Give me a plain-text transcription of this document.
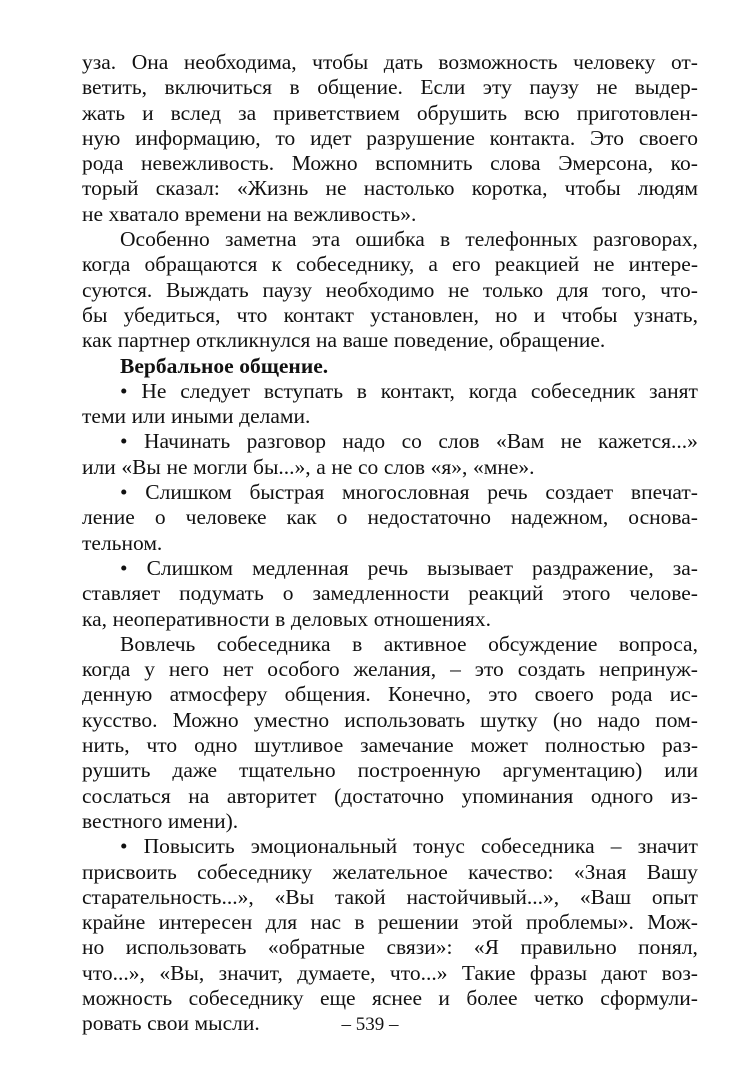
уза. Она необходима, чтобы дать возможность человеку от-
ветить, включиться в общение. Если эту паузу не выдер-
жать и вслед за приветствием обрушить всю приготовлен-
ную информацию, то идет разрушение контакта. Это своего
рода невежливость. Можно вспомнить слова Эмерсона, ко-
торый сказал: «Жизнь не настолько коротка, чтобы людям
не хватало времени на вежливость».
Особенно заметна эта ошибка в телефонных разговорах,
когда обращаются к собеседнику, а его реакцией не интере-
суются. Выждать паузу необходимо не только для того, что-
бы убедиться, что контакт установлен, но и чтобы узнать,
как партнер откликнулся на ваше поведение, обращение.
Вербальное общение.
• Не следует вступать в контакт, когда собеседник занят
теми или иными делами.
• Начинать разговор надо со слов «Вам не кажется...»
или «Вы не могли бы...», а не со слов «я», «мне».
• Слишком быстрая многословная речь создает впечат-
ление о человеке как о недостаточно надежном, основа-
тельном.
• Слишком медленная речь вызывает раздражение, за-
ставляет подумать о замедленности реакций этого челове-
ка, неоперативности в деловых отношениях.
Вовлечь собеседника в активное обсуждение вопроса,
когда у него нет особого желания, – это создать непринуж-
денную атмосферу общения. Конечно, это своего рода ис-
кусство. Можно уместно использовать шутку (но надо пом-
нить, что одно шутливое замечание может полностью раз-
рушить даже тщательно построенную аргументацию) или
сослаться на авторитет (достаточно упоминания одного из-
вестного имени).
• Повысить эмоциональный тонус собеседника – значит
присвоить собеседнику желательное качество: «Зная Вашу
старательность...», «Вы такой настойчивый...», «Ваш опыт
крайне интересен для нас в решении этой проблемы». Мож-
но использовать «обратные связи»: «Я правильно понял,
что...», «Вы, значит, думаете, что...» Такие фразы дают воз-
можность собеседнику еще яснее и более четко сформули-
ровать свои мысли.	– 539 –
